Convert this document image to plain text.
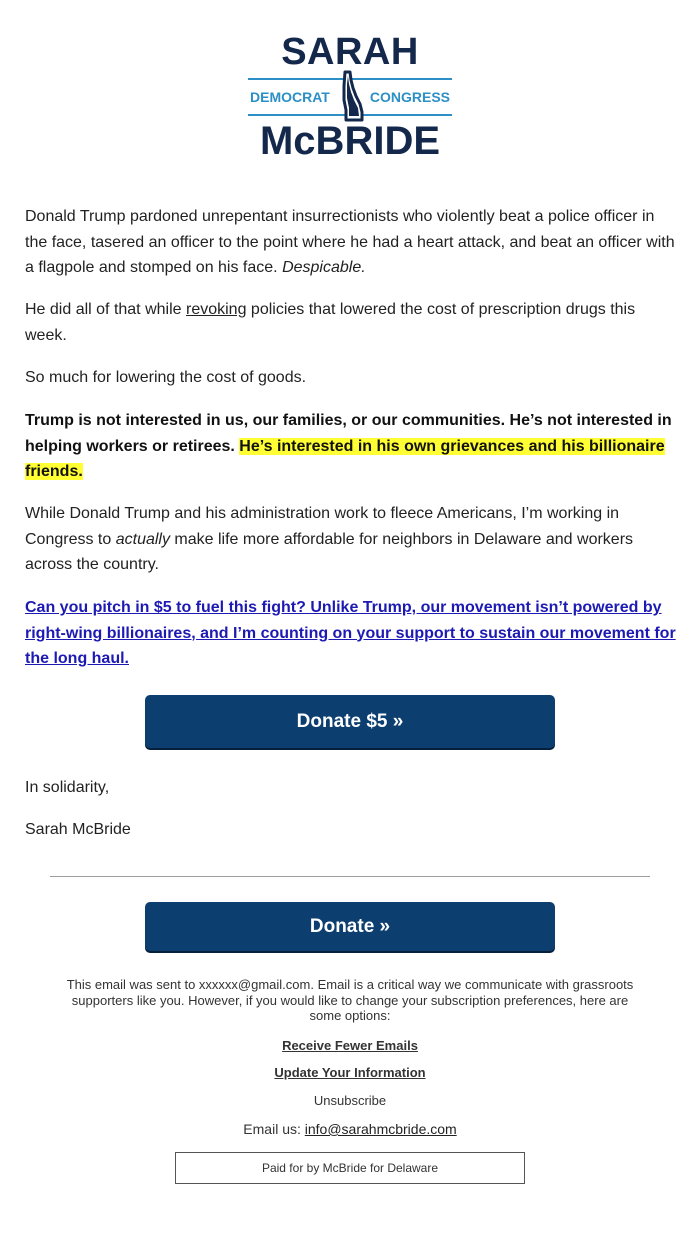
SARAH
DEMOCRAT	CONGRESS
McBRIDE

Donald Trump pardoned unrepentant insurrectionists who violently beat a police officer in the face, tasered an officer to the point where he had a heart attack, and beat an officer with a flagpole and stomped on his face. Despicable.

He did all of that while revoking policies that lowered the cost of prescription drugs this week.

So much for lowering the cost of goods.

Trump is not interested in us, our families, or our communities. He’s not interested in helping workers or retirees. He’s interested in his own grievances and his billionaire friends.

While Donald Trump and his administration work to fleece Americans, I’m working in Congress to actually make life more affordable for neighbors in Delaware and workers across the country.

Can you pitch in $5 to fuel this fight? Unlike Trump, our movement isn’t powered by right-wing billionaires, and I’m counting on your support to sustain our movement for the long haul.

Donate $5 »
In solidarity,
Sarah McBride
Donate »
This email was sent to xxxxxx@gmail.com. Email is a critical way we communicate with grassroots supporters like you. However, if you would like to change your subscription preferences, here are some options:
Receive Fewer Emails
Update Your Information
Unsubscribe
Email us: info@sarahmcbride.com
Paid for by McBride for Delaware
